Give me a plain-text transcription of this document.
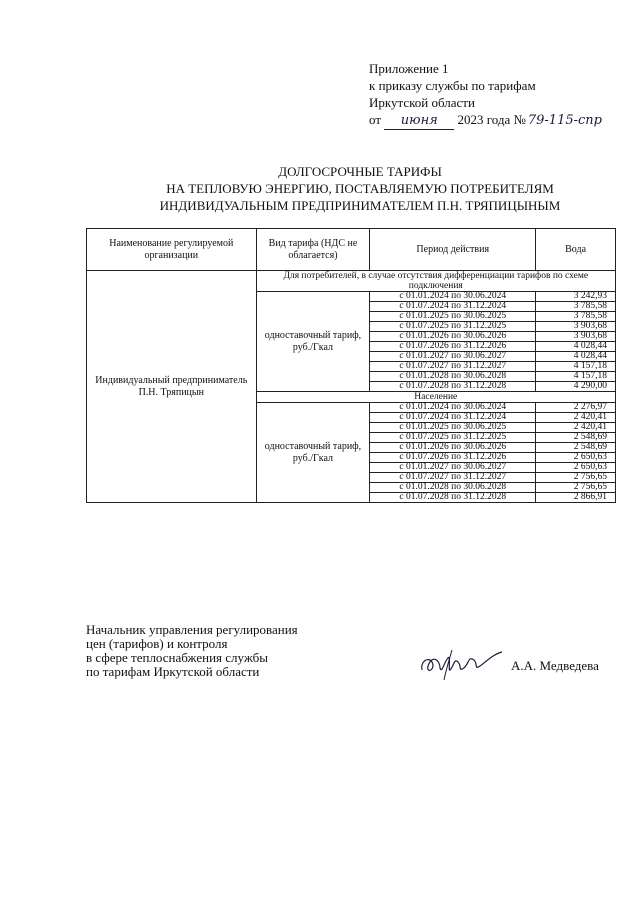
Приложение 1
к приказу службы по тарифам
Иркутской области
от июня 2023 года № 79-115-спр
ДОЛГОСРОЧНЫЕ ТАРИФЫ
НА ТЕПЛОВУЮ ЭНЕРГИЮ, ПОСТАВЛЯЕМУЮ ПОТРЕБИТЕЛЯМ
ИНДИВИДУАЛЬНЫМ ПРЕДПРИНИМАТЕЛЕМ П.Н. ТРЯПИЦЫНЫМ
Наименование регулируемой организации	Вид тарифа (НДС не облагается)	Период действия	Вода
Индивидуальный предприниматель П.Н. Тряпицын	Для потребителей, в случае отсутствия дифференциации тарифов по схеме подключения		
	одноставочный тариф, руб./Гкал	с 01.01.2024 по 30.06.2024	3 242,93
		с 01.07.2024 по 31.12.2024	3 785,58
		с 01.01.2025 по 30.06.2025	3 785,58
		с 01.07.2025 по 31.12.2025	3 903,68
		с 01.01.2026 по 30.06.2026	3 903,68
		с 01.07.2026 по 31.12.2026	4 028,44
		с 01.01.2027 по 30.06.2027	4 028,44
		с 01.07.2027 по 31.12.2027	4 157,18
		с 01.01.2028 по 30.06.2028	4 157,18
		с 01.07.2028 по 31.12.2028	4 290,00
	Население		
	одноставочный тариф, руб./Гкал	с 01.01.2024 по 30.06.2024	2 276,97
		с 01.07.2024 по 31.12.2024	2 420,41
		с 01.01.2025 по 30.06.2025	2 420,41
		с 01.07.2025 по 31.12.2025	2 548,69
		с 01.01.2026 по 30.06.2026	2 548,69
		с 01.07.2026 по 31.12.2026	2 650,63
		с 01.01.2027 по 30.06.2027	2 650,63
		с 01.07.2027 по 31.12.2027	2 756,65
		с 01.01.2028 по 30.06.2028	2 756,65
		с 01.07.2028 по 31.12.2028	2 866,91
Начальник управления регулирования
цен (тарифов) и контроля
в сфере теплоснабжения службы
по тарифам Иркутской области	А.А. Медведева
